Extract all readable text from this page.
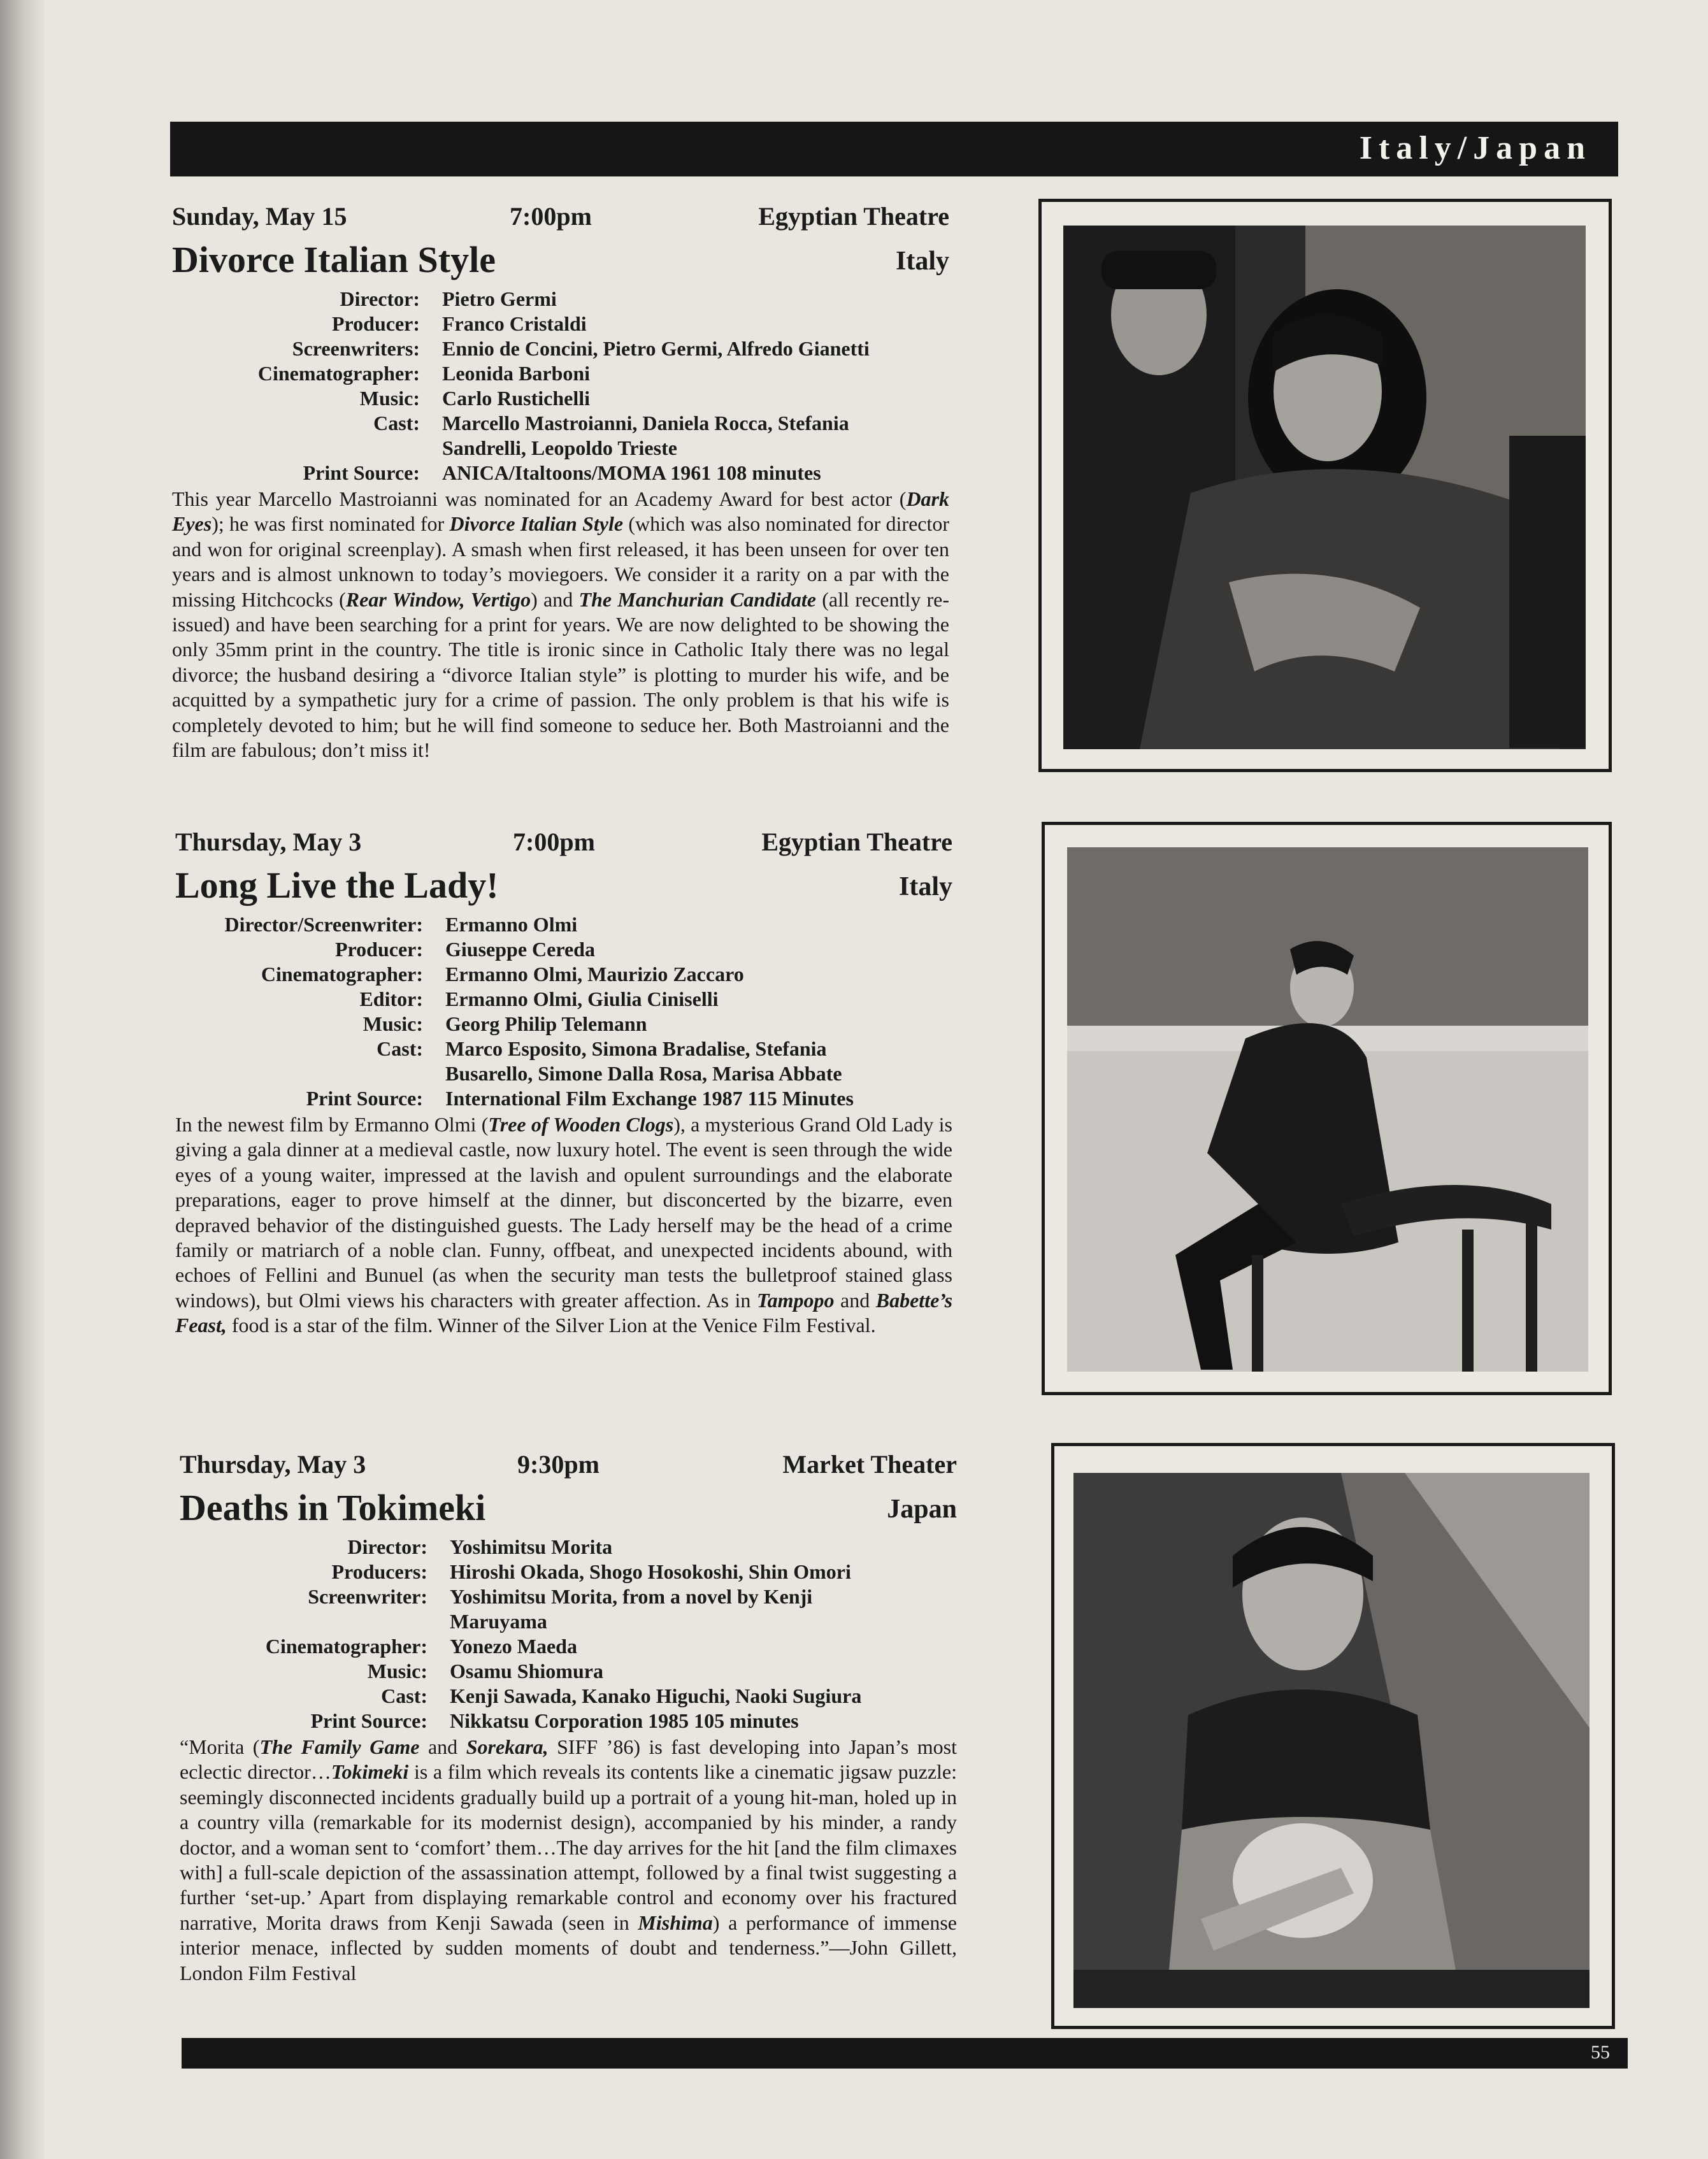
Italy/Japan
Sunday, May 15	7:00pm	Egyptian Theatre
Divorce Italian Style	Italy
Director:	Pietro Germi
Producer:	Franco Cristaldi
Screenwriters:	Ennio de Concini, Pietro Germi, Alfredo Gianetti
Cinematographer:	Leonida Barboni
Music:	Carlo Rustichelli
Cast:	Marcello Mastroianni, Daniela Rocca, Stefania
Sandrelli, Leopoldo Trieste
Print Source:	ANICA/Italtoons/MOMA 1961 108 minutes

This year Marcello Mastroianni was nominated for an Academy Award for best actor (Dark Eyes); he was first nominated for Divorce Italian Style (which was also nominated for director and won for original screenplay). A smash when first released, it has been unseen for over ten years and is almost unknown to today’s moviegoers. We consider it a rarity on a par with the missing Hitchcocks (Rear Window, Vertigo) and The Manchurian Candidate (all recently re-issued) and have been searching for a print for years. We are now delighted to be showing the only 35mm print in the country. The title is ironic since in Catholic Italy there was no legal divorce; the husband desiring a “divorce Italian style” is plotting to murder his wife, and be acquitted by a sympathetic jury for a crime of passion. The only problem is that his wife is completely devoted to him; but he will find someone to seduce her. Both Mastroianni and the film are fabulous; don’t miss it!

Thursday, May 3	7:00pm	Egyptian Theatre
Long Live the Lady!	Italy
Director/Screenwriter:	Ermanno Olmi
Producer:	Giuseppe Cereda
Cinematographer:	Ermanno Olmi, Maurizio Zaccaro
Editor:	Ermanno Olmi, Giulia Ciniselli
Music:	Georg Philip Telemann
Cast:	Marco Esposito, Simona Bradalise, Stefania
Busarello, Simone Dalla Rosa, Marisa Abbate
Print Source:	International Film Exchange 1987 115 Minutes

In the newest film by Ermanno Olmi (Tree of Wooden Clogs), a mysterious Grand Old Lady is giving a gala dinner at a medieval castle, now luxury hotel. The event is seen through the wide eyes of a young waiter, impressed at the lavish and opulent surroundings and the elaborate preparations, eager to prove himself at the dinner, but disconcerted by the bizarre, even depraved behavior of the distinguished guests. The Lady herself may be the head of a crime family or matriarch of a noble clan. Funny, offbeat, and unexpected incidents abound, with echoes of Fellini and Bunuel (as when the security man tests the bulletproof stained glass windows), but Olmi views his characters with greater affection. As in Tampopo and Babette’s Feast, food is a star of the film. Winner of the Silver Lion at the Venice Film Festival.

Thursday, May 3	9:30pm	Market Theater
Deaths in Tokimeki	Japan
Director:	Yoshimitsu Morita
Producers:	Hiroshi Okada, Shogo Hosokoshi, Shin Omori
Screenwriter:	Yoshimitsu Morita, from a novel by Kenji
Maruyama
Cinematographer:	Yonezo Maeda
Music:	Osamu Shiomura
Cast:	Kenji Sawada, Kanako Higuchi, Naoki Sugiura
Print Source:	Nikkatsu Corporation 1985 105 minutes

“Morita (The Family Game and Sorekara, SIFF ’86) is fast developing into Japan’s most eclectic director…Tokimeki is a film which reveals its contents like a cinematic jigsaw puzzle: seemingly disconnected incidents gradually build up a portrait of a young hit-man, holed up in a country villa (remarkable for its modernist design), accompanied by his minder, a randy doctor, and a woman sent to ‘comfort’ them…The day arrives for the hit [and the film climaxes with] a full-scale depiction of the assassination attempt, followed by a final twist suggesting a further ‘set-up.’ Apart from displaying remarkable control and economy over his fractured narrative, Morita draws from Kenji Sawada (seen in Mishima) a performance of immense interior menace, inflected by sudden moments of doubt and tenderness.”—John Gillett, London Film Festival

55
